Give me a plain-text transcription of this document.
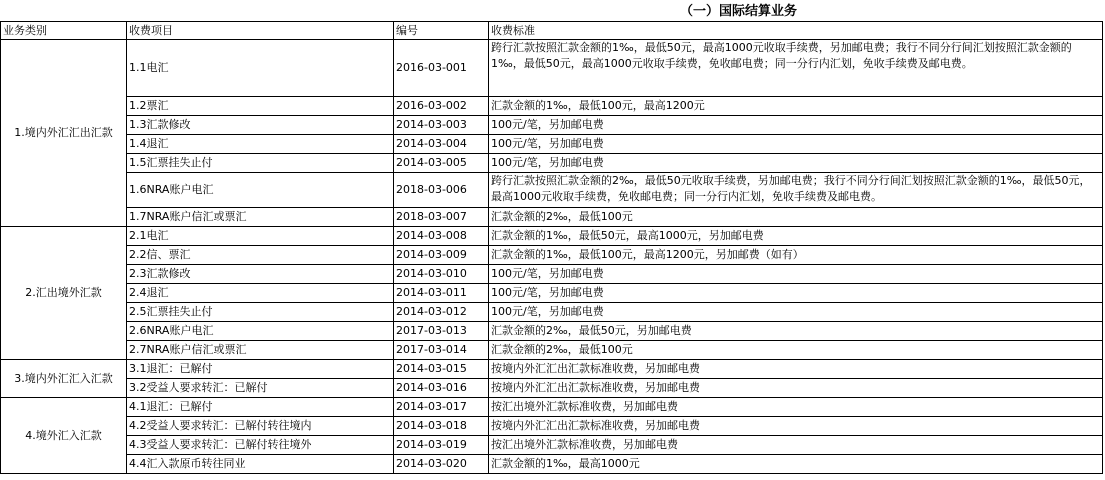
（一）国际结算业务
业务类别	收费项目	编号	收费标准
1.境内外汇汇出汇款	1.1电汇	2016-03-001	跨行汇款按照汇款金额的1‰，最低50元，最高1000元收取手续费，另加邮电费；我行不同分行间汇划按照汇款金额的1‰，最低50元，最高1000元收取手续费，免收邮电费；同一分行内汇划，免收手续费及邮电费。
	1.2票汇	2016-03-002	汇款金额的1‰，最低100元，最高1200元
	1.3汇款修改	2014-03-003	100元/笔，另加邮电费
	1.4退汇	2014-03-004	100元/笔，另加邮电费
	1.5汇票挂失止付	2014-03-005	100元/笔，另加邮电费
	1.6NRA账户电汇	2018-03-006	跨行汇款按照汇款金额的2‰，最低50元收取手续费，另加邮电费；我行不同分行间汇划按照汇款金额的1‰，最低50元，最高1000元收取手续费，免收邮电费；同一分行内汇划，免收手续费及邮电费。
	1.7NRA账户信汇或票汇	2018-03-007	汇款金额的2‰，最低100元
2.汇出境外汇款	2.1电汇	2014-03-008	汇款金额的1‰，最低50元，最高1000元，另加邮电费
	2.2信、票汇	2014-03-009	汇款金额的1‰，最低100元，最高1200元，另加邮费（如有）
	2.3汇款修改	2014-03-010	100元/笔，另加邮电费
	2.4退汇	2014-03-011	100元/笔，另加邮电费
	2.5汇票挂失止付	2014-03-012	100元/笔，另加邮电费
	2.6NRA账户电汇	2017-03-013	汇款金额的2‰，最低50元，另加邮电费
	2.7NRA账户信汇或票汇	2017-03-014	汇款金额的2‰，最低100元
3.境内外汇汇入汇款	3.1退汇：已解付	2014-03-015	按境内外汇汇出汇款标准收费，另加邮电费
	3.2受益人要求转汇：已解付	2014-03-016	按境内外汇汇出汇款标准收费，另加邮电费
4.境外汇入汇款	4.1退汇：已解付	2014-03-017	按汇出境外汇款标准收费，另加邮电费
	4.2受益人要求转汇：已解付转往境内	2014-03-018	按境内外汇汇出汇款标准收费，另加邮电费
	4.3受益人要求转汇：已解付转往境外	2014-03-019	按汇出境外汇款标准收费，另加邮电费
	4.4汇入款原币转往同业	2014-03-020	汇款金额的1‰，最高1000元
